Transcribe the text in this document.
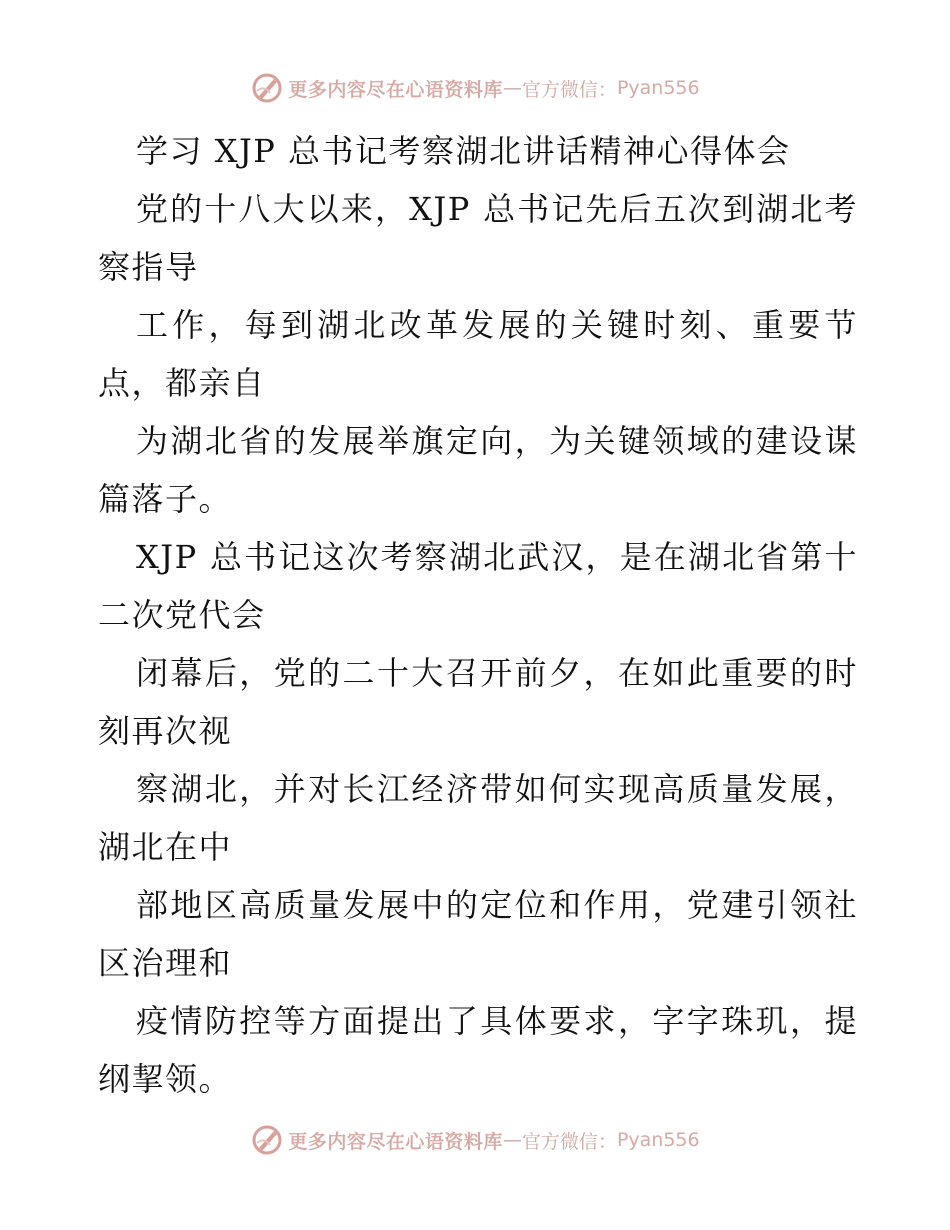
更多内容尽在心语资料库 — 官方微信： Pyan556

学习 XJP 总书记考察湖北讲话精神心得体会

党的十八大以来，XJP 总书记先后五次到湖北考察指导

工作，每到湖北改革发展的关键时刻、重要节点，都亲自

为湖北省的发展举旗定向，为关键领域的建设谋篇落子。

XJP 总书记这次考察湖北武汉，是在湖北省第十二次党代会

闭幕后，党的二十大召开前夕，在如此重要的时刻再次视

察湖北，并对长江经济带如何实现高质量发展，湖北在中

部地区高质量发展中的定位和作用，党建引领社区治理和

疫情防控等方面提出了具体要求，字字珠玑，提纲挈领。

更多内容尽在心语资料库 — 官方微信： Pyan556
